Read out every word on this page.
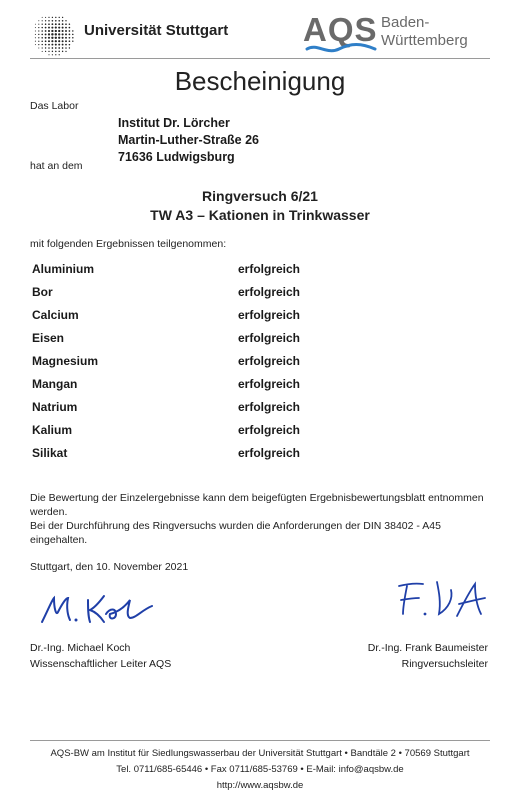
Universität Stuttgart AQS Baden-
Württemberg
Bescheinigung
Das Labor
Institut Dr. Lörcher
Martin-Luther-Straße 26
71636 Ludwigsburg
hat an dem
Ringversuch 6/21
TW A3 – Kationen in Trinkwasser
mit folgenden Ergebnissen teilgenommen:
Aluminium	erfolgreich
Bor	erfolgreich
Calcium	erfolgreich
Eisen	erfolgreich
Magnesium	erfolgreich
Mangan	erfolgreich
Natrium	erfolgreich
Kalium	erfolgreich
Silikat	erfolgreich

Die Bewertung der Einzelergebnisse kann dem beigefügten Ergebnisbewertungsblatt entnommen werden.

Bei der Durchführung des Ringversuchs wurden die Anforderungen der DIN 38402 - A45 eingehalten.

Stuttgart, den 10. November 2021
Dr.-Ing. Michael Koch
Wissenschaftlicher Leiter AQS
Dr.-Ing. Frank Baumeister
Ringversuchsleiter
AQS-BW am Institut für Siedlungswasserbau der Universität Stuttgart • Bandtäle 2 • 70569 Stuttgart
Tel. 0711/685-65446 • Fax 0711/685-53769 • E-Mail: info@aqsbw.de
http://www.aqsbw.de
